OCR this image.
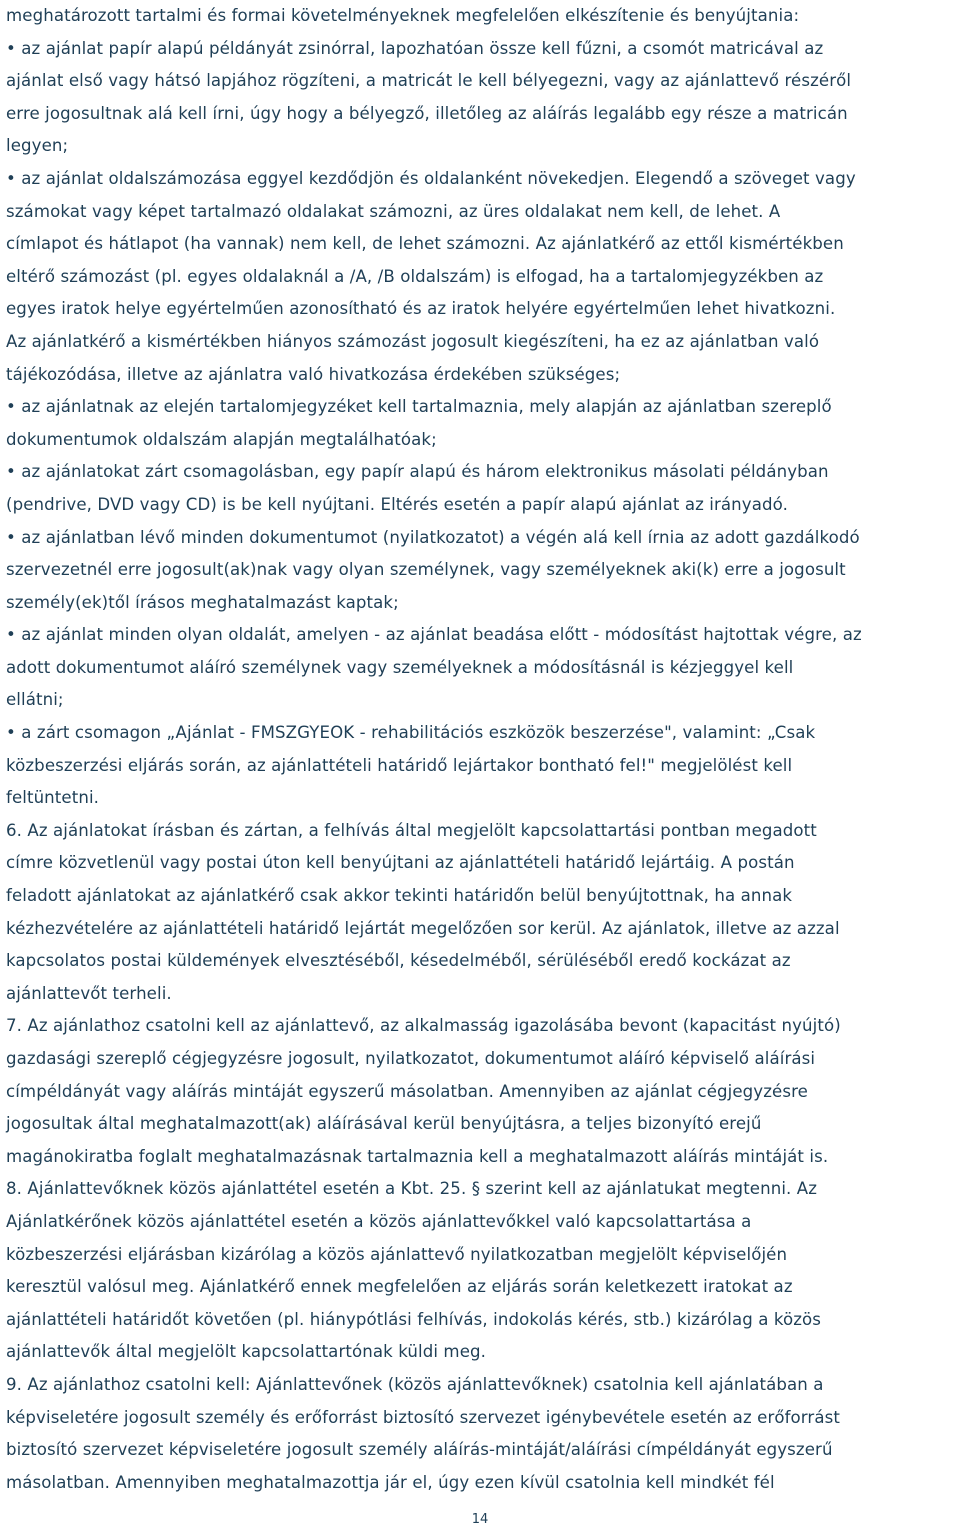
meghatározott tartalmi és formai követelményeknek megfelelően elkészítenie és benyújtania:
• az ajánlat papír alapú példányát zsinórral, lapozhatóan össze kell fűzni, a csomót matricával az
ajánlat első vagy hátsó lapjához rögzíteni, a matricát le kell bélyegezni, vagy az ajánlattevő részéről
erre jogosultnak alá kell írni, úgy hogy a bélyegző, illetőleg az aláírás legalább egy része a matricán
legyen;
• az ajánlat oldalszámozása eggyel kezdődjön és oldalanként növekedjen. Elegendő a szöveget vagy
számokat vagy képet tartalmazó oldalakat számozni, az üres oldalakat nem kell, de lehet. A
címlapot és hátlapot (ha vannak) nem kell, de lehet számozni. Az ajánlatkérő az ettől kismértékben
eltérő számozást (pl. egyes oldalaknál a /A, /B oldalszám) is elfogad, ha a tartalomjegyzékben az
egyes iratok helye egyértelműen azonosítható és az iratok helyére egyértelműen lehet hivatkozni.
Az ajánlatkérő a kismértékben hiányos számozást jogosult kiegészíteni, ha ez az ajánlatban való
tájékozódása, illetve az ajánlatra való hivatkozása érdekében szükséges;
• az ajánlatnak az elején tartalomjegyzéket kell tartalmaznia, mely alapján az ajánlatban szereplő
dokumentumok oldalszám alapján megtalálhatóak;
• az ajánlatokat zárt csomagolásban, egy papír alapú és három elektronikus másolati példányban
(pendrive, DVD vagy CD) is be kell nyújtani. Eltérés esetén a papír alapú ajánlat az irányadó.
• az ajánlatban lévő minden dokumentumot (nyilatkozatot) a végén alá kell írnia az adott gazdálkodó
szervezetnél erre jogosult(ak)nak vagy olyan személynek, vagy személyeknek aki(k) erre a jogosult
személy(ek)től írásos meghatalmazást kaptak;
• az ajánlat minden olyan oldalát, amelyen - az ajánlat beadása előtt - módosítást hajtottak végre, az
adott dokumentumot aláíró személynek vagy személyeknek a módosításnál is kézjeggyel kell
ellátni;
• a zárt csomagon „Ajánlat - FMSZGYEOK - rehabilitációs eszközök beszerzése", valamint: „Csak
közbeszerzési eljárás során, az ajánlattételi határidő lejártakor bontható fel!" megjelölést kell
feltüntetni.
6. Az ajánlatokat írásban és zártan, a felhívás által megjelölt kapcsolattartási pontban megadott
címre közvetlenül vagy postai úton kell benyújtani az ajánlattételi határidő lejártáig. A postán
feladott ajánlatokat az ajánlatkérő csak akkor tekinti határidőn belül benyújtottnak, ha annak
kézhezvételére az ajánlattételi határidő lejártát megelőzően sor kerül. Az ajánlatok, illetve az azzal
kapcsolatos postai küldemények elvesztéséből, késedelméből, sérüléséből eredő kockázat az
ajánlattevőt terheli.
7. Az ajánlathoz csatolni kell az ajánlattevő, az alkalmasság igazolásába bevont (kapacitást nyújtó)
gazdasági szereplő cégjegyzésre jogosult, nyilatkozatot, dokumentumot aláíró képviselő aláírási
címpéldányát vagy aláírás mintáját egyszerű másolatban. Amennyiben az ajánlat cégjegyzésre
jogosultak által meghatalmazott(ak) aláírásával kerül benyújtásra, a teljes bizonyító erejű
magánokiratba foglalt meghatalmazásnak tartalmaznia kell a meghatalmazott aláírás mintáját is.
8. Ajánlattevőknek közös ajánlattétel esetén a Kbt. 25. § szerint kell az ajánlatukat megtenni. Az
Ajánlatkérőnek közös ajánlattétel esetén a közös ajánlattevőkkel való kapcsolattartása a
közbeszerzési eljárásban kizárólag a közös ajánlattevő nyilatkozatban megjelölt képviselőjén
keresztül valósul meg. Ajánlatkérő ennek megfelelően az eljárás során keletkezett iratokat az
ajánlattételi határidőt követően (pl. hiánypótlási felhívás, indokolás kérés, stb.) kizárólag a közös
ajánlattevők által megjelölt kapcsolattartónak küldi meg.
9. Az ajánlathoz csatolni kell: Ajánlattevőnek (közös ajánlattevőknek) csatolnia kell ajánlatában a
képviseletére jogosult személy és erőforrást biztosító szervezet igénybevétele esetén az erőforrást
biztosító szervezet képviseletére jogosult személy aláírás-mintáját/aláírási címpéldányát egyszerű
másolatban. Amennyiben meghatalmazottja jár el, úgy ezen kívül csatolnia kell mindkét fél
14
